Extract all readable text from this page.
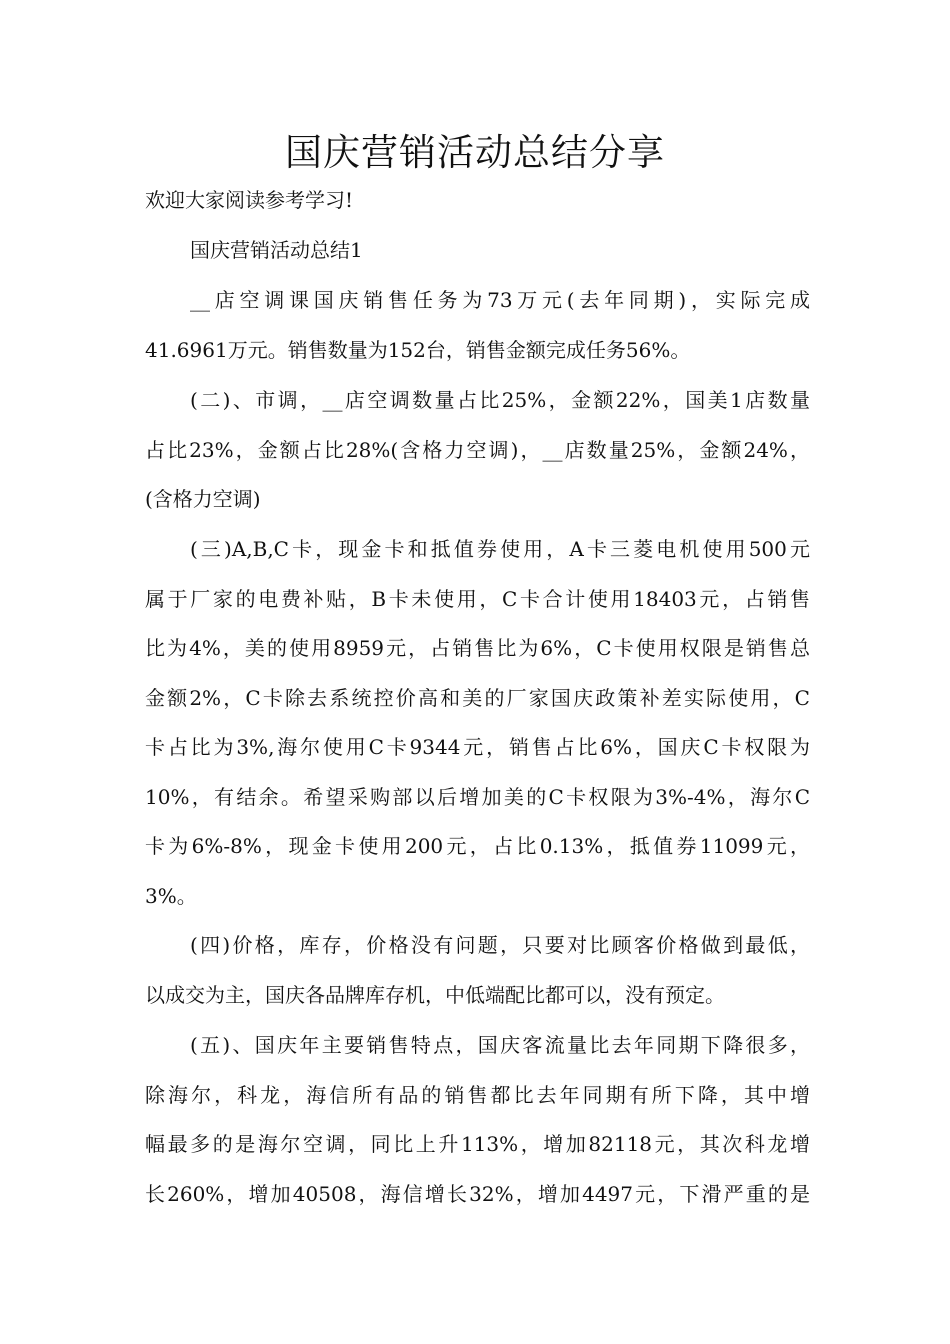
国庆营销活动总结分享
欢迎大家阅读参考学习!
国庆营销活动总结1
__店空调课国庆销售任务为73万元(去年同期)，实际完成
41.6961万元。销售数量为152台，销售金额完成任务56%。
(二)、市调，__店空调数量占比25%，金额22%，国美1店数量
占比23%，金额占比28%(含格力空调)，__店数量25%，金额24%，
(含格力空调)
(三)A,B,C卡，现金卡和抵值券使用，A卡三菱电机使用500元
属于厂家的电费补贴，B卡未使用，C卡合计使用18403元，占销售
比为4%，美的使用8959元，占销售比为6%，C卡使用权限是销售总
金额2%，C卡除去系统控价高和美的厂家国庆政策补差实际使用，C
卡占比为3%,海尔使用C卡9344元，销售占比6%，国庆C卡权限为
10%，有结余。希望采购部以后增加美的C卡权限为3%-4%，海尔C
卡为6%-8%，现金卡使用200元，占比0.13%，抵值券11099元，
3%。
(四)价格，库存，价格没有问题，只要对比顾客价格做到最低，
以成交为主，国庆各品牌库存机，中低端配比都可以，没有预定。
(五)、国庆年主要销售特点，国庆客流量比去年同期下降很多，
除海尔，科龙，海信所有品的销售都比去年同期有所下降，其中增
幅最多的是海尔空调，同比上升113%，增加82118元，其次科龙增
长260%，增加40508，海信增长32%，增加4497元，下滑严重的是
